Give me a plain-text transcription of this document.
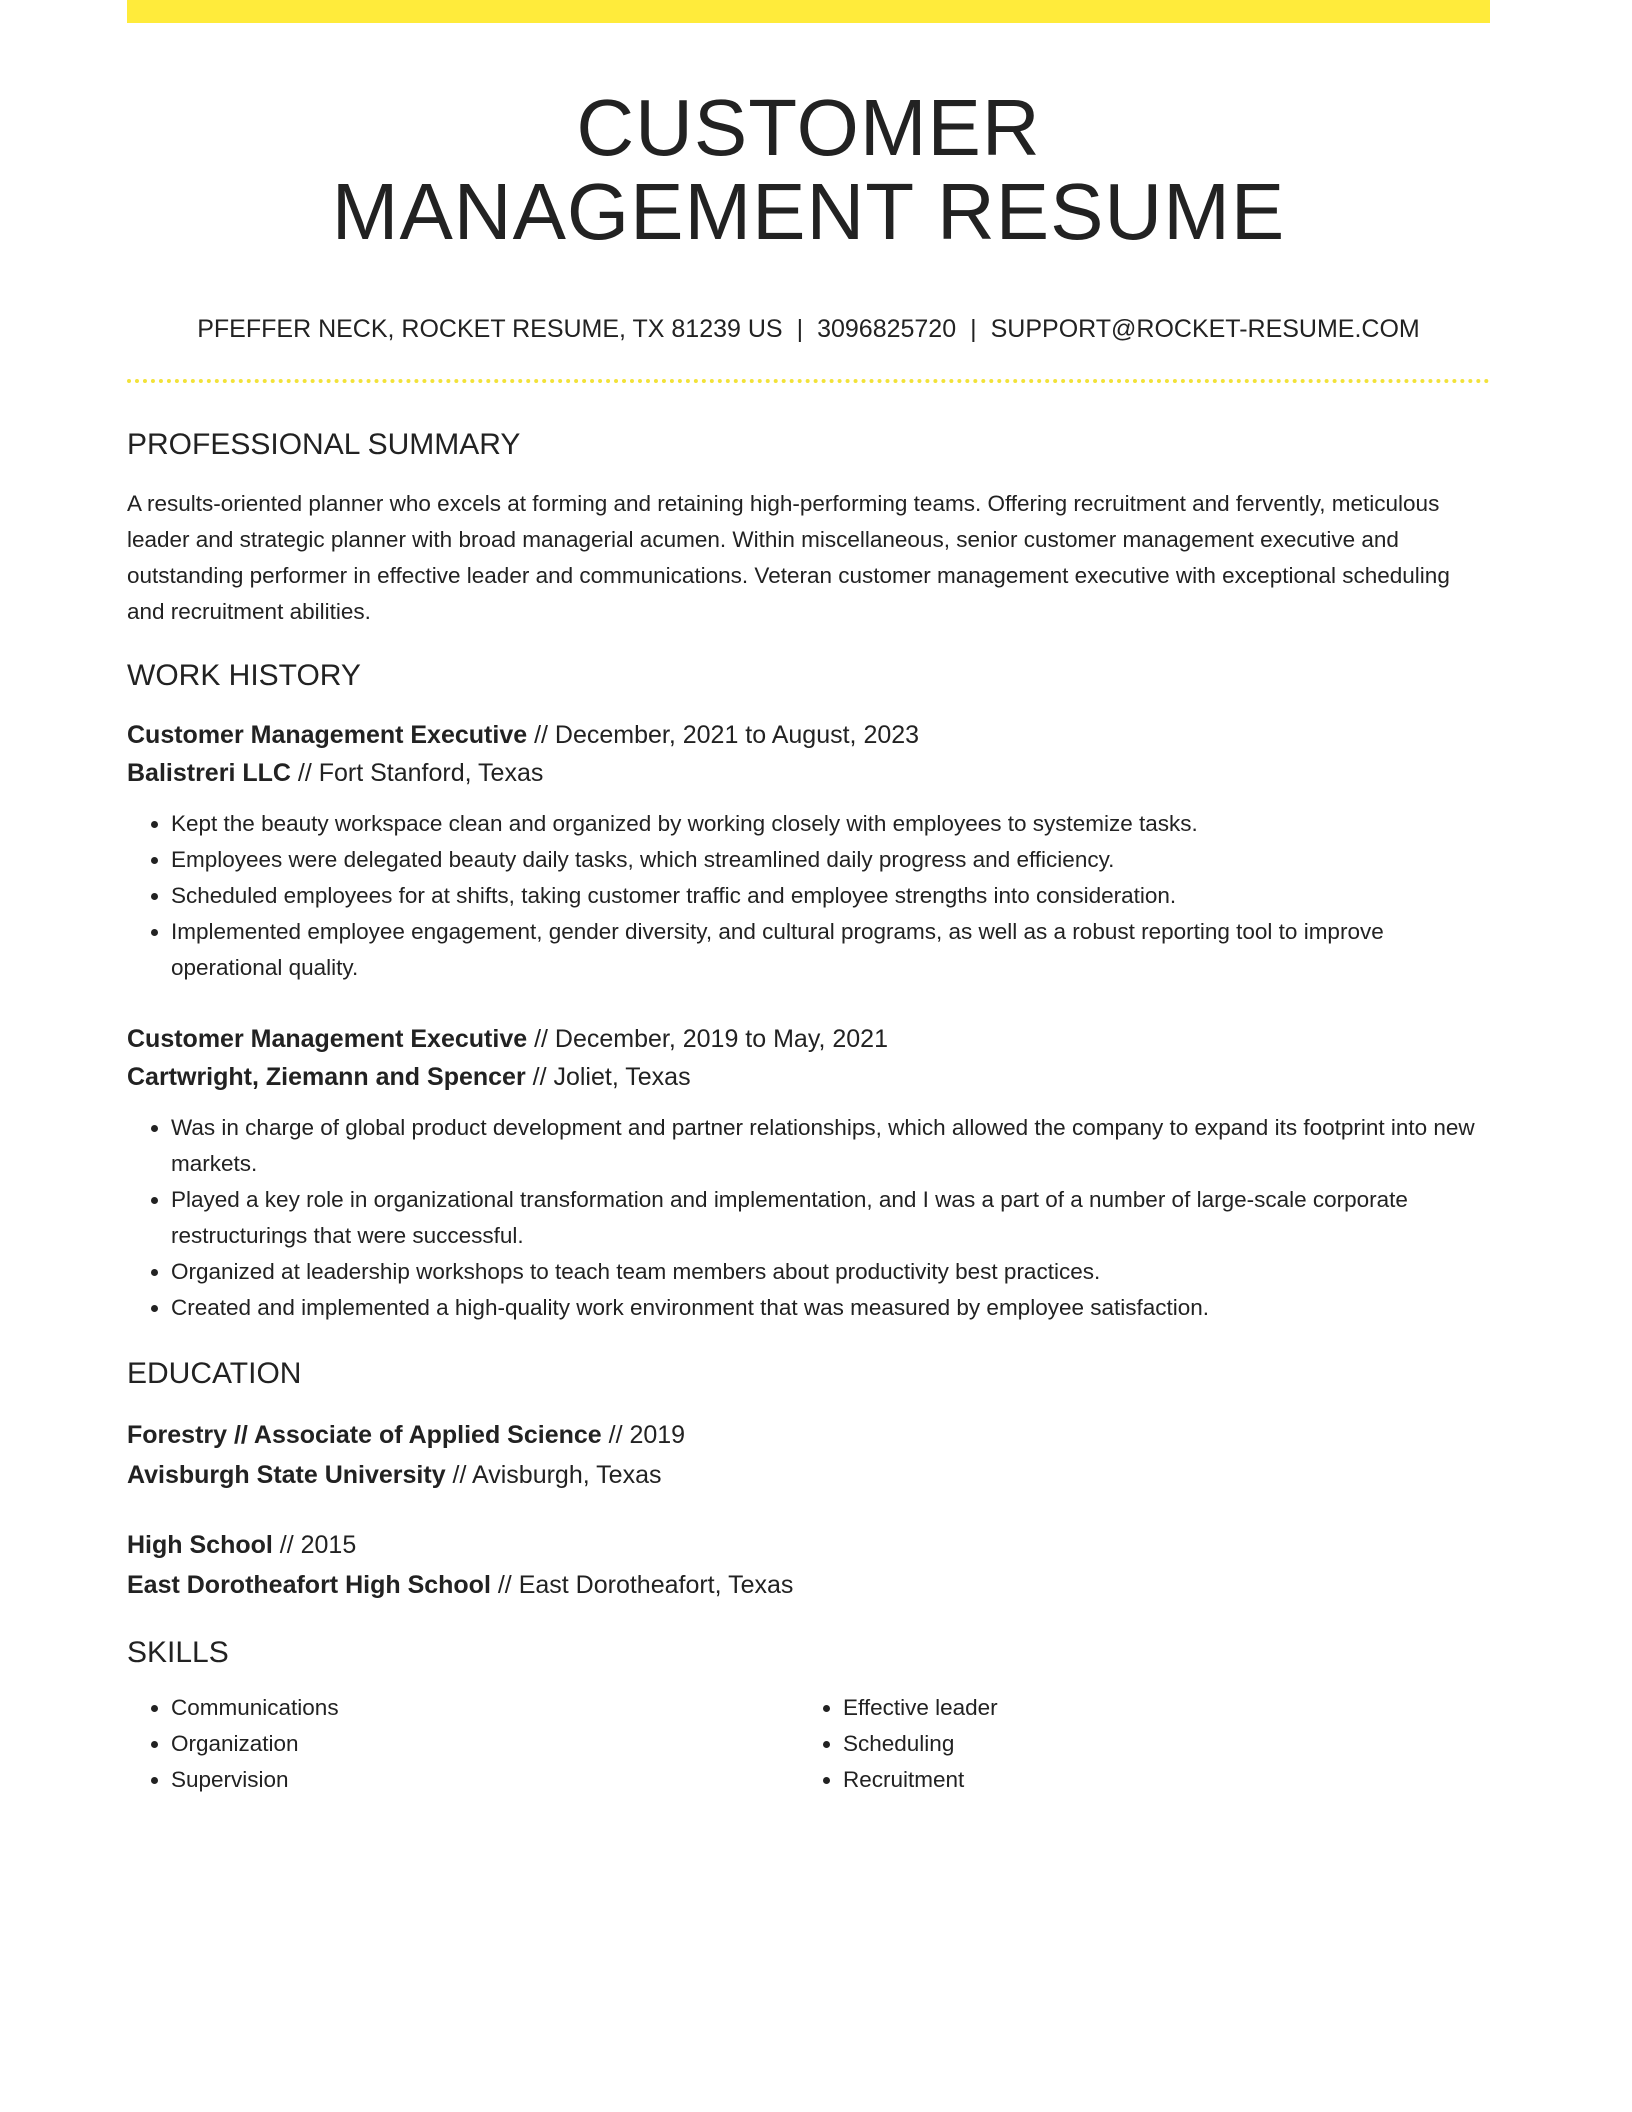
CUSTOMER
MANAGEMENT RESUME
PFEFFER NECK, ROCKET RESUME, TX 81239 US | 3096825720 | SUPPORT@ROCKET-RESUME.COM
PROFESSIONAL SUMMARY
A results-oriented planner who excels at forming and retaining high-performing teams. Offering recruitment and fervently, meticulous leader and strategic planner with broad managerial acumen. Within miscellaneous, senior customer management executive and outstanding performer in effective leader and communications. Veteran customer management executive with exceptional scheduling and recruitment abilities.
WORK HISTORY
Customer Management Executive // December, 2021 to August, 2023
Balistreri LLC // Fort Stanford, Texas
• Kept the beauty workspace clean and organized by working closely with employees to systemize tasks.
• Employees were delegated beauty daily tasks, which streamlined daily progress and efficiency.
• Scheduled employees for at shifts, taking customer traffic and employee strengths into consideration.
• Implemented employee engagement, gender diversity, and cultural programs, as well as a robust reporting tool to improve operational quality.
Customer Management Executive // December, 2019 to May, 2021
Cartwright, Ziemann and Spencer // Joliet, Texas
• Was in charge of global product development and partner relationships, which allowed the company to expand its footprint into new markets.
• Played a key role in organizational transformation and implementation, and I was a part of a number of large-scale corporate restructurings that were successful.
• Organized at leadership workshops to teach team members about productivity best practices.
• Created and implemented a high-quality work environment that was measured by employee satisfaction.
EDUCATION
Forestry // Associate of Applied Science // 2019
Avisburgh State University // Avisburgh, Texas
High School // 2015
East Dorotheafort High School // East Dorotheafort, Texas
SKILLS
• Communications
• Organization
• Supervision
• Effective leader
• Scheduling
• Recruitment
